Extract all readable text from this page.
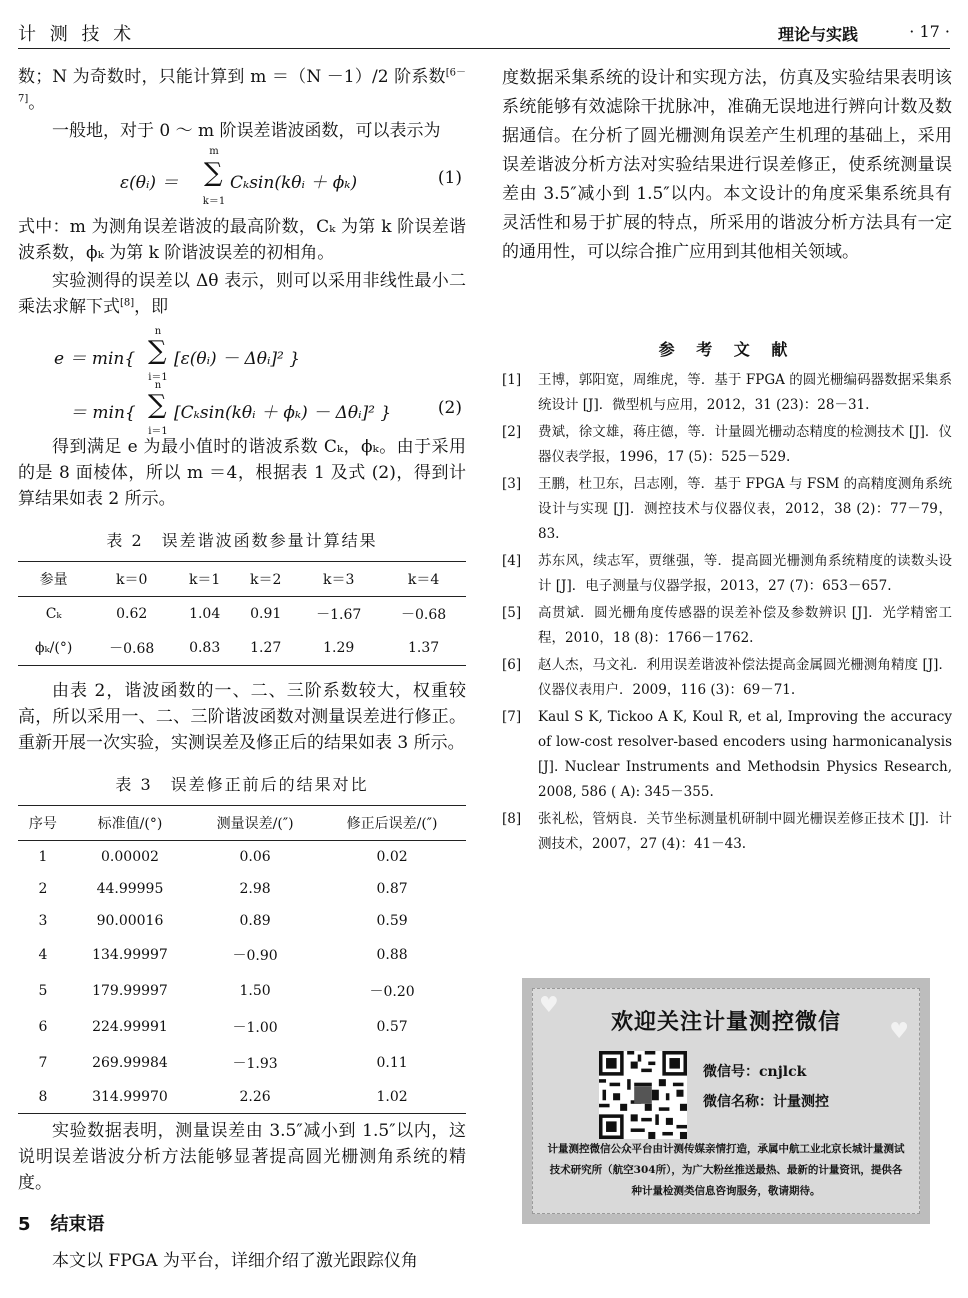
计 测 技 术	理论与实践	· 17 ·

数；N 为奇数时，只能计算到 m ＝（N －1）/2 阶系数[6－7]。

一般地，对于 0 ～ m 阶误差谐波函数，可以表示为

ε(θᵢ) ＝
m
∑
k＝1
Cₖsin(kθᵢ ＋ ϕₖ)	(1)

式中：m 为测角误差谐波的最高阶数，Cₖ 为第 k 阶误差谐波系数，ϕₖ 为第 k 阶谐波误差的初相角。

实验测得的误差以 Δθ 表示，则可以采用非线性最小二乘法求解下式[8]，即

e ＝ min{
n
∑
i＝1
[ε(θᵢ) － Δθᵢ]² }
＝ min{
n
∑
i＝1
[Cₖsin(kθᵢ ＋ ϕₖ) － Δθᵢ]² }	(2)

得到满足 e 为最小值时的谐波系数 Cₖ，ϕₖ。由于采用的是 8 面棱体，所以 m ＝4，根据表 1 及式 (2)，得到计算结果如表 2 所示。

表 2　误差谐波函数参量计算结果
参量	k＝0	k＝1	k＝2	k＝3	k＝4
Cₖ	0.62	1.04	0.91	－1.67	－0.68
ϕₖ/(°)	－0.68	0.83	1.27	1.29	1.37

由表 2，谐波函数的一、二、三阶系数较大，权重较高，所以采用一、二、三阶谐波函数对测量误差进行修正。重新开展一次实验，实测误差及修正后的结果如表 3 所示。

表 3　误差修正前后的结果对比
序号	标准值/(°)	测量误差/(″)	修正后误差/(″)
1	0.00002	0.06	0.02
2	44.99995	2.98	0.87
3	90.00016	0.89	0.59
4	134.99997	－0.90	0.88
5	179.99997	1.50	－0.20
6	224.99991	－1.00	0.57
7	269.99984	－1.93	0.11
8	314.99970	2.26	1.02

实验数据表明，测量误差由 3.5″减小到 1.5″以内，这说明误差谐波分析方法能够显著提高圆光栅测角系统的精度。

5 结束语

本文以 FPGA 为平台，详细介绍了激光跟踪仪角

度数据采集系统的设计和实现方法，仿真及实验结果表明该系统能够有效滤除干扰脉冲，准确无误地进行辨向计数及数据通信。在分析了圆光栅测角误差产生机理的基础上，采用误差谐波分析方法对实验结果进行误差修正，使系统测量误差由 3.5″减小到 1.5″以内。本文设计的角度采集系统具有灵活性和易于扩展的特点，所采用的谐波分析方法具有一定的通用性，可以综合推广应用到其他相关领域。

参 考 文 献
[1] 王博，郭阳宽，周维虎，等．基于 FPGA 的圆光栅编码器数据采集系统设计 [J]．微型机与应用，2012，31 (23)：28－31.
[2] 费斌，徐文雄，蒋庄德，等．计量圆光栅动态精度的检测技术 [J]．仪器仪表学报，1996，17 (5)：525－529.
[3] 王鹏，杜卫东，吕志刚，等．基于 FPGA 与 FSM 的高精度测角系统设计与实现 [J]．测控技术与仪器仪表，2012，38 (2)：77－79，83.
[4] 苏东风，续志军，贾继强，等．提高圆光栅测角系统精度的读数头设计 [J]．电子测量与仪器学报，2013，27 (7)：653－657.
[5] 高贯斌．圆光栅角度传感器的误差补偿及参数辨识 [J]．光学精密工程，2010，18 (8)：1766－1762.
[6] 赵人杰，马文礼．利用误差谐波补偿法提高金属圆光栅测角精度 [J]．仪器仪表用户．2009，116 (3)：69－71.
[7] Kaul S K, Tickoo A K, Koul R, et al, Improving the accuracy of low-cost resolver-based encoders using harmonicanalysis [J]. Nuclear Instruments and Methodsin Physics Research, 2008, 586 ( A): 345－355.
[8] 张礼松，管炳良．关节坐标测量机研制中圆光栅误差修正技术 [J]．计测技术，2007，27 (4)：41－43.
♥
♥
欢迎关注计量测控微信
微信号：cnjlck
微信名称：计量测控
计量测控微信公众平台由计测传媒亲情打造，承属中航工业北京长城计量测试技术研究所（航空304所），为广大粉丝推送最热、最新的计量资讯，提供各种计量检测类信息咨询服务，敬请期待。
